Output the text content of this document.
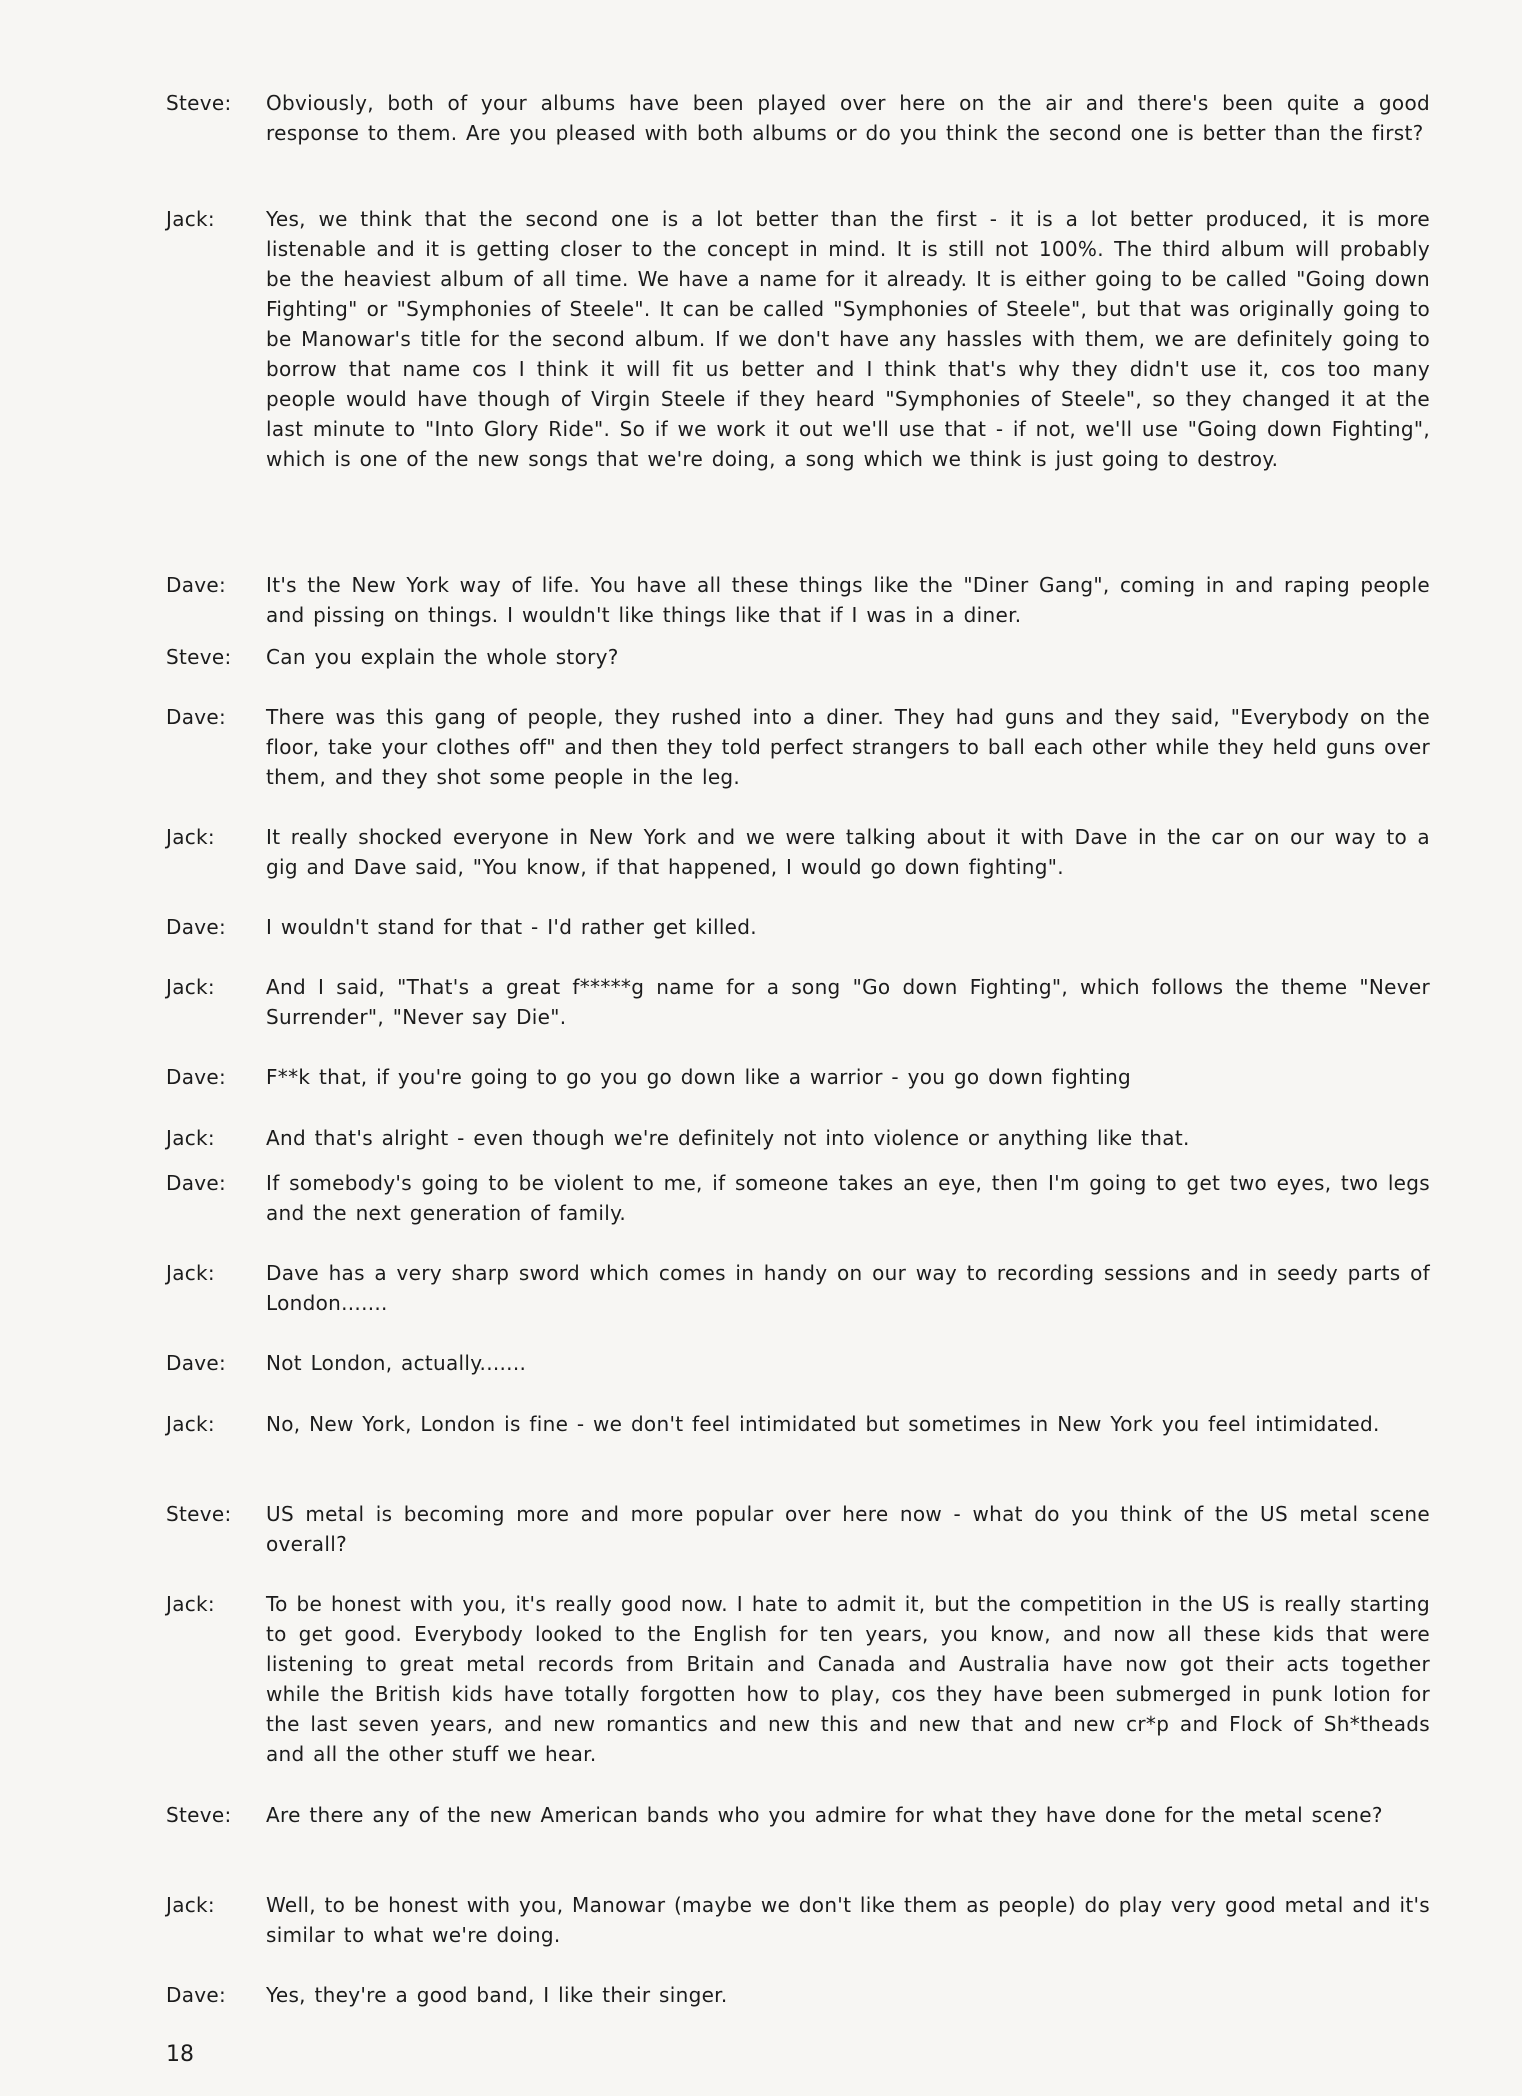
Steve:	Obviously, both of your albums have been played over here on the air and there's been quite a good response to them. Are you pleased with both albums or do you think the second one is better than the first?
Jack:	Yes, we think that the second one is a lot better than the first - it is a lot better produced, it is more listenable and it is getting closer to the concept in mind. It is still not 100%. The third album will probably be the heaviest album of all time. We have a name for it already. It is either going to be called "Going down Fighting" or "Symphonies of Steele". It can be called "Symphonies of Steele", but that was originally going to be Manowar's title for the second album. If we don't have any hassles with them, we are definitely going to borrow that name cos I think it will fit us better and I think that's why they didn't use it, cos too many people would have though of Virgin Steele if they heard "Symphonies of Steele", so they changed it at the last minute to "Into Glory Ride". So if we work it out we'll use that - if not, we'll use "Going down Fighting", which is one of the new songs that we're doing, a song which we think is just going to destroy.
Dave:	It's the New York way of life. You have all these things like the "Diner Gang", coming in and raping people and pissing on things. I wouldn't like things like that if I was in a diner.
Steve:	Can you explain the whole story?
Dave:	There was this gang of people, they rushed into a diner. They had guns and they said, "Everybody on the floor, take your clothes off" and then they told perfect strangers to ball each other while they held guns over them, and they shot some people in the leg.
Jack:	It really shocked everyone in New York and we were talking about it with Dave in the car on our way to a gig and Dave said, "You know, if that happened, I would go down fighting".
Dave:	I wouldn't stand for that - I'd rather get killed.
Jack:	And I said, "That's a great f*****g name for a song "Go down Fighting", which follows the theme "Never Surrender", "Never say Die".
Dave:	F**k that, if you're going to go you go down like a warrior - you go down fighting
Jack:	And that's alright - even though we're definitely not into violence or anything like that.
Dave:	If somebody's going to be violent to me, if someone takes an eye, then I'm going to get two eyes, two legs and the next generation of family.
Jack:	Dave has a very sharp sword which comes in handy on our way to recording sessions and in seedy parts of London.......
Dave:	Not London, actually.......
Jack:	No, New York, London is fine - we don't feel intimidated but sometimes in New York you feel intimidated.
Steve:	US metal is becoming more and more popular over here now - what do you think of the US metal scene overall?
Jack:	To be honest with you, it's really good now. I hate to admit it, but the competition in the US is really starting to get good. Everybody looked to the English for ten years, you know, and now all these kids that were listening to great metal records from Britain and Canada and Australia have now got their acts together while the British kids have totally forgotten how to play, cos they have been submerged in punk lotion for the last seven years, and new romantics and new this and new that and new cr*p and Flock of Sh*theads and all the other stuff we hear.
Steve:	Are there any of the new American bands who you admire for what they have done for the metal scene?
Jack:	Well, to be honest with you, Manowar (maybe we don't like them as people) do play very good metal and it's similar to what we're doing.
Dave:	Yes, they're a good band, I like their singer.
18
